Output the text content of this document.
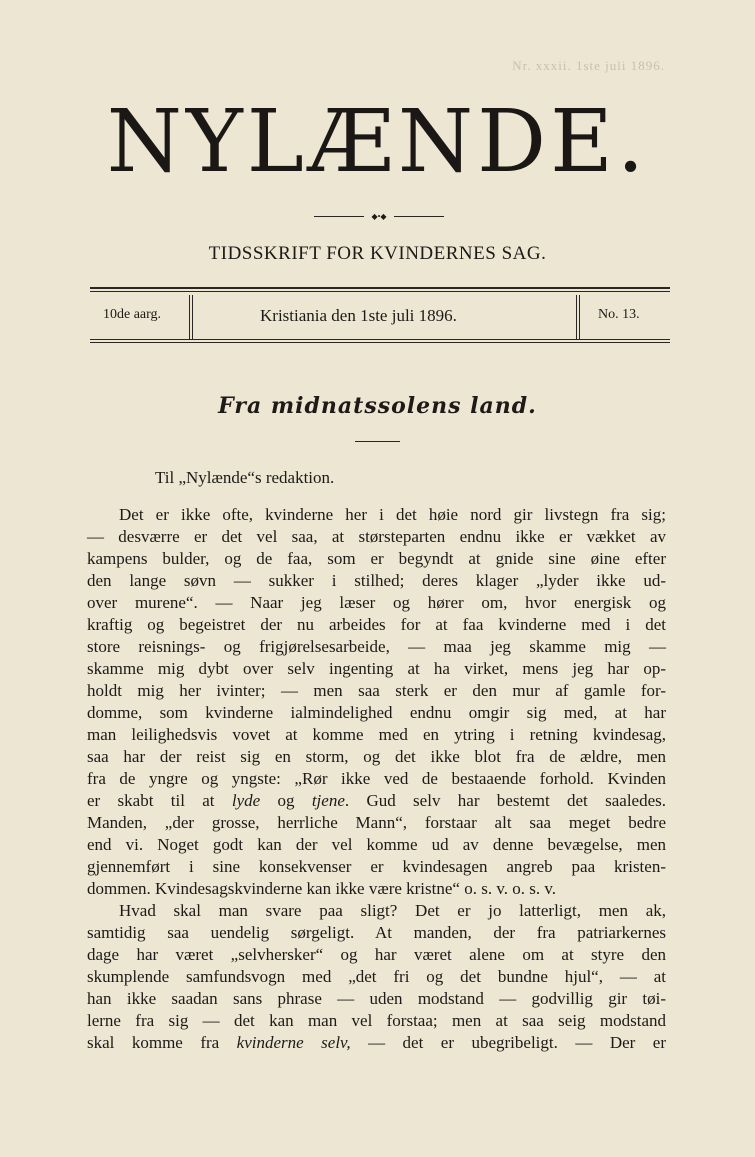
Nr. xxxii. 1ste juli 1896.
NYLÆNDE.
◆•◆
TIDSSKRIFT FOR KVINDERNES SAG.
10de aarg.	Kristiania den 1ste juli 1896.	No. 13.
Fra midnatssolens land.
Til „Nylænde“s redaktion.
Det er ikke ofte, kvinderne her i det høie nord gir livstegn fra sig;
— desværre er det vel saa, at størsteparten endnu ikke er vækket av
kampens bulder, og de faa, som er begyndt at gnide sine øine efter
den lange søvn — sukker i stilhed; deres klager „lyder ikke ud-
over murene“. — Naar jeg læser og hører om, hvor energisk og
kraftig og begeistret der nu arbeides for at faa kvinderne med i det
store reisnings- og frigjørelsesarbeide, — maa jeg skamme mig —
skamme mig dybt over selv ingenting at ha virket, mens jeg har op-
holdt mig her ivinter; — men saa sterk er den mur af gamle for-
domme, som kvinderne ialmindelighed endnu omgir sig med, at har
man leilighedsvis vovet at komme med en ytring i retning kvindesag,
saa har der reist sig en storm, og det ikke blot fra de ældre, men
fra de yngre og yngste: „Rør ikke ved de bestaaende forhold. Kvinden
er skabt til at lyde og tjene. Gud selv har bestemt det saaledes.
Manden, „der grosse, herrliche Mann“, forstaar alt saa meget bedre
end vi. Noget godt kan der vel komme ud av denne bevægelse, men
gjennemført i sine konsekvenser er kvindesagen angreb paa kristen-
dommen. Kvindesagskvinderne kan ikke være kristne“ o. s. v. o. s. v.
Hvad skal man svare paa sligt? Det er jo latterligt, men ak,
samtidig saa uendelig sørgeligt. At manden, der fra patriarkernes
dage har været „selvhersker“ og har været alene om at styre den
skumplende samfundsvogn med „det fri og det bundne hjul“, — at
han ikke saadan sans phrase — uden modstand — godvillig gir tøi-
lerne fra sig — det kan man vel forstaa; men at saa seig modstand
skal komme fra kvinderne selv, — det er ubegribeligt. — Der er
